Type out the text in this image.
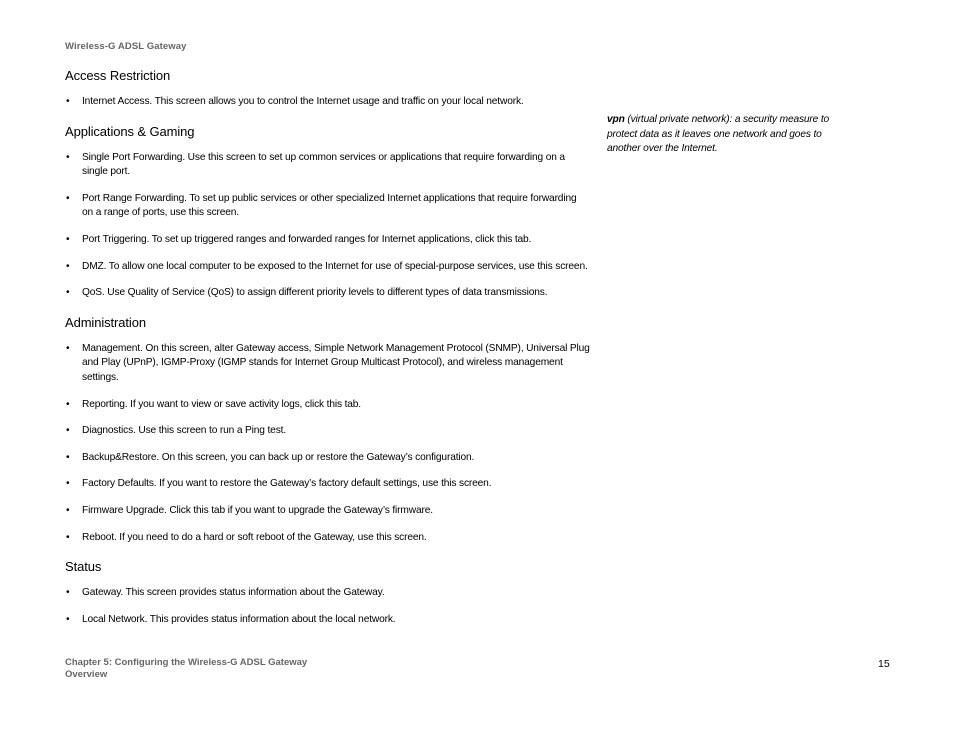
Wireless-G ADSL Gateway
Access Restriction
• Internet Access. This screen allows you to control the Internet usage and traffic on your local network.
Applications & Gaming
• Single Port Forwarding. Use this screen to set up common services or applications that require forwarding on a single port.
• Port Range Forwarding. To set up public services or other specialized Internet applications that require forwarding on a range of ports, use this screen.
• Port Triggering. To set up triggered ranges and forwarded ranges for Internet applications, click this tab.
• DMZ. To allow one local computer to be exposed to the Internet for use of special-purpose services, use this screen.
• QoS. Use Quality of Service (QoS) to assign different priority levels to different types of data transmissions.
Administration
• Management. On this screen, alter Gateway access, Simple Network Management Protocol (SNMP), Universal Plug and Play (UPnP), IGMP-Proxy (IGMP stands for Internet Group Multicast Protocol), and wireless management settings.
• Reporting. If you want to view or save activity logs, click this tab.
• Diagnostics. Use this screen to run a Ping test.
• Backup&Restore. On this screen, you can back up or restore the Gateway’s configuration.
• Factory Defaults. If you want to restore the Gateway’s factory default settings, use this screen.
• Firmware Upgrade. Click this tab if you want to upgrade the Gateway’s firmware.
• Reboot. If you need to do a hard or soft reboot of the Gateway, use this screen.
Status
• Gateway. This screen provides status information about the Gateway.
• Local Network. This provides status information about the local network.
vpn (virtual private network): a security measure to protect data as it leaves one network and goes to another over the Internet.
Chapter 5: Configuring the Wireless-G ADSL Gateway
Overview
15
